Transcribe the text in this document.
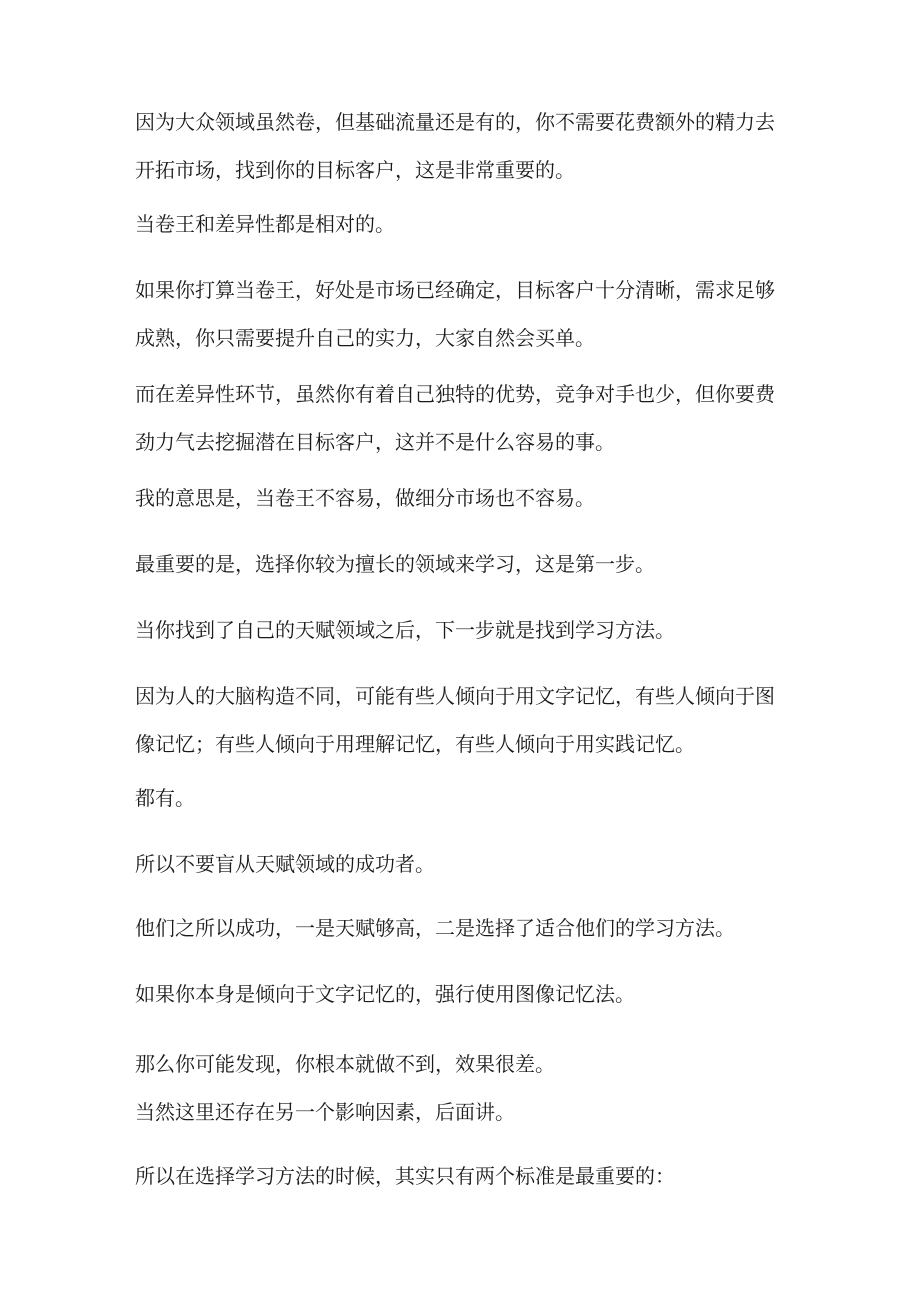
因为大众领域虽然卷，但基础流量还是有的，你不需要花费额外的精力去
开拓市场，找到你的目标客户，这是非常重要的。
当卷王和差异性都是相对的。
如果你打算当卷王，好处是市场已经确定，目标客户十分清晰，需求足够
成熟，你只需要提升自己的实力，大家自然会买单。
而在差异性环节，虽然你有着自己独特的优势，竞争对手也少，但你要费
劲力气去挖掘潜在目标客户，这并不是什么容易的事。
我的意思是，当卷王不容易，做细分市场也不容易。
最重要的是，选择你较为擅长的领域来学习，这是第一步。
当你找到了自己的天赋领域之后，下一步就是找到学习方法。
因为人的大脑构造不同，可能有些人倾向于用文字记忆，有些人倾向于图
像记忆；有些人倾向于用理解记忆，有些人倾向于用实践记忆。
都有。
所以不要盲从天赋领域的成功者。
他们之所以成功，一是天赋够高，二是选择了适合他们的学习方法。
如果你本身是倾向于文字记忆的，强行使用图像记忆法。
那么你可能发现，你根本就做不到，效果很差。
当然这里还存在另一个影响因素，后面讲。
所以在选择学习方法的时候，其实只有两个标准是最重要的：
